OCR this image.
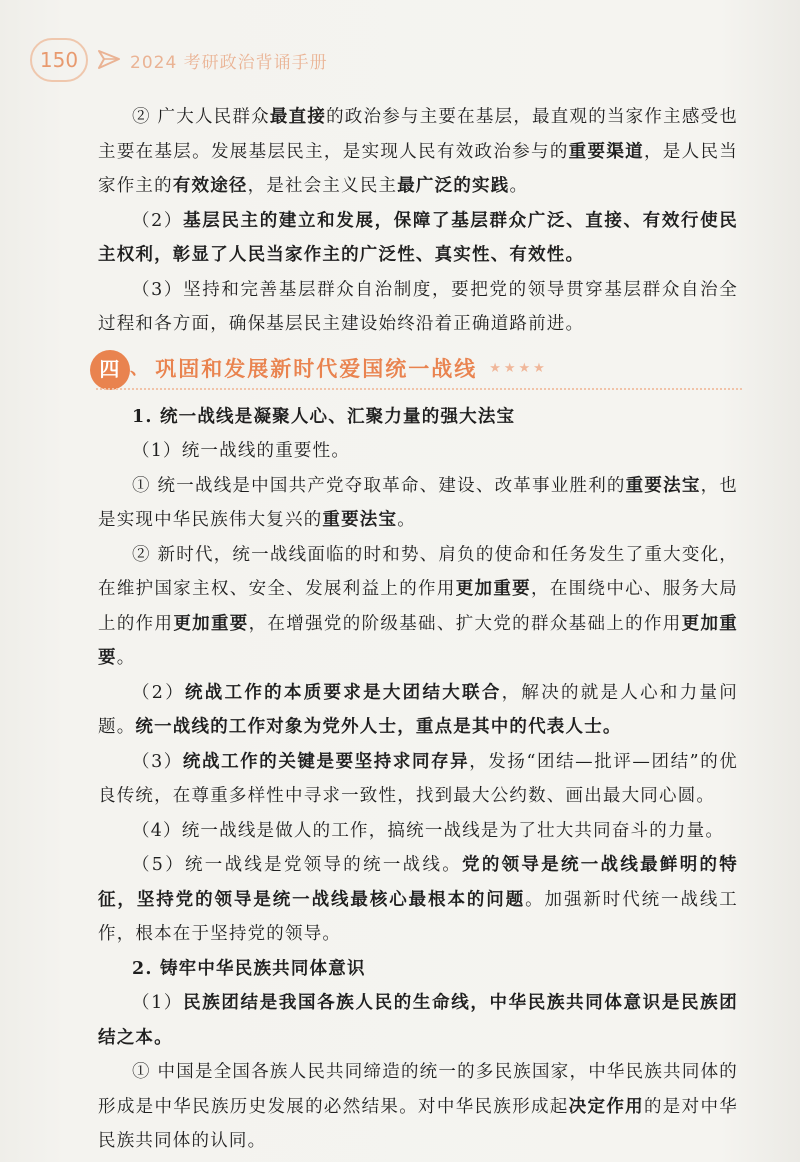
150	2024 考研政治背诵手册

② 广大人民群众最直接的政治参与主要在基层，最直观的当家作主感受也主要在基层。发展基层民主，是实现人民有效政治参与的重要渠道，是人民当家作主的有效途径，是社会主义民主最广泛的实践。

（2）基层民主的建立和发展，保障了基层群众广泛、直接、有效行使民主权利，彰显了人民当家作主的广泛性、真实性、有效性。

（3）坚持和完善基层群众自治制度，要把党的领导贯穿基层群众自治全过程和各方面，确保基层民主建设始终沿着正确道路前进。

四 、 巩固和发展新时代爱国统一战线 ★★★★

1. 统一战线是凝聚人心、汇聚力量的强大法宝

（1）统一战线的重要性。

① 统一战线是中国共产党夺取革命、建设、改革事业胜利的重要法宝，也是实现中华民族伟大复兴的重要法宝。

② 新时代，统一战线面临的时和势、肩负的使命和任务发生了重大变化，在维护国家主权、安全、发展利益上的作用更加重要，在围绕中心、服务大局上的作用更加重要，在增强党的阶级基础、扩大党的群众基础上的作用更加重要。

（2）统战工作的本质要求是大团结大联合，解决的就是人心和力量问题。统一战线的工作对象为党外人士，重点是其中的代表人士。

（3）统战工作的关键是要坚持求同存异，发扬“团结—批评—团结”的优良传统，在尊重多样性中寻求一致性，找到最大公约数、画出最大同心圆。

（4）统一战线是做人的工作，搞统一战线是为了壮大共同奋斗的力量。

（5）统一战线是党领导的统一战线。党的领导是统一战线最鲜明的特征，坚持党的领导是统一战线最核心最根本的问题。加强新时代统一战线工作，根本在于坚持党的领导。

2. 铸牢中华民族共同体意识

（1）民族团结是我国各族人民的生命线，中华民族共同体意识是民族团结之本。

① 中国是全国各族人民共同缔造的统一的多民族国家，中华民族共同体的形成是中华民族历史发展的必然结果。对中华民族形成起决定作用的是对中华民族共同体的认同。
